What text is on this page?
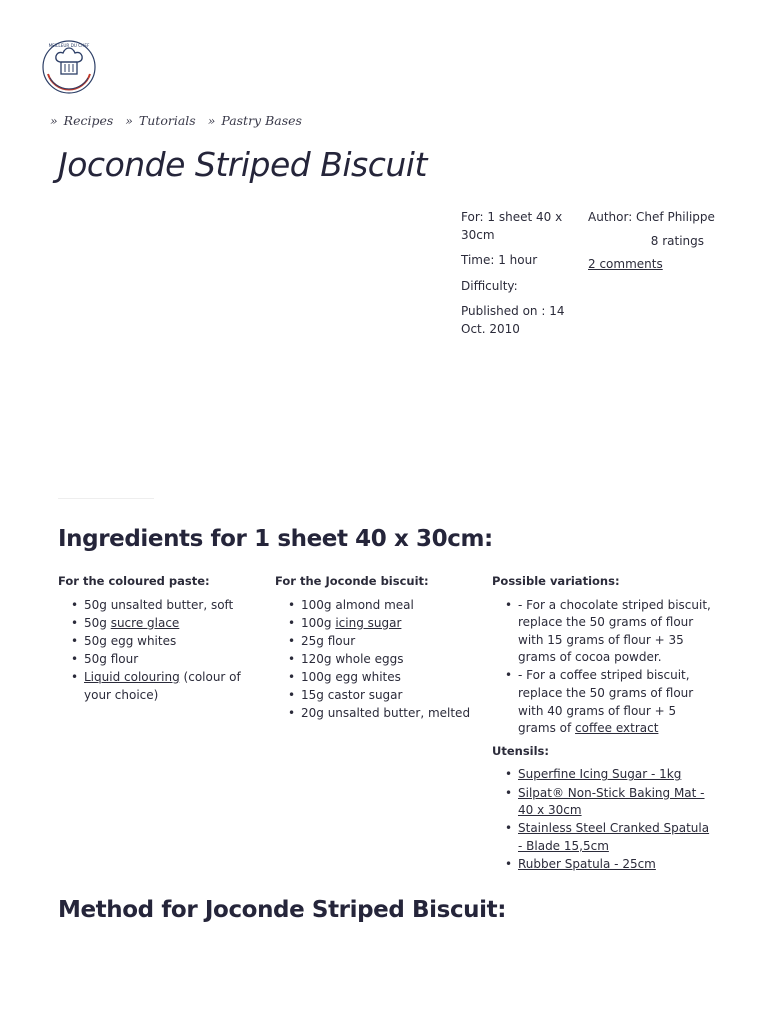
MEILLEUR DU CHEF
» Recipes » Tutorials » Pastry Bases
Joconde Striped Biscuit
For: 1 sheet 40 x 30cm
Time: 1 hour
Difficulty:
Published on : 14 Oct. 2010
Author: Chef Philippe
8 ratings
2 comments
Ingredients for 1 sheet 40 x 30cm:
For the coloured paste:
• 50g unsalted butter, soft
• 50g sucre glace
• 50g egg whites
• 50g flour
• Liquid colouring (colour of your choice)
For the Joconde biscuit:
• 100g almond meal
• 100g icing sugar
• 25g flour
• 120g whole eggs
• 100g egg whites
• 15g castor sugar
• 20g unsalted butter, melted
Possible variations:
• - For a chocolate striped biscuit, replace the 50 grams of flour with 15 grams of flour + 35 grams of cocoa powder.
• - For a coffee striped biscuit, replace the 50 grams of flour with 40 grams of flour + 5 grams of coffee extract
Utensils:
• Superfine Icing Sugar - 1kg
• Silpat® Non-Stick Baking Mat - 40 x 30cm
• Stainless Steel Cranked Spatula - Blade 15,5cm
• Rubber Spatula - 25cm
Method for Joconde Striped Biscuit:
